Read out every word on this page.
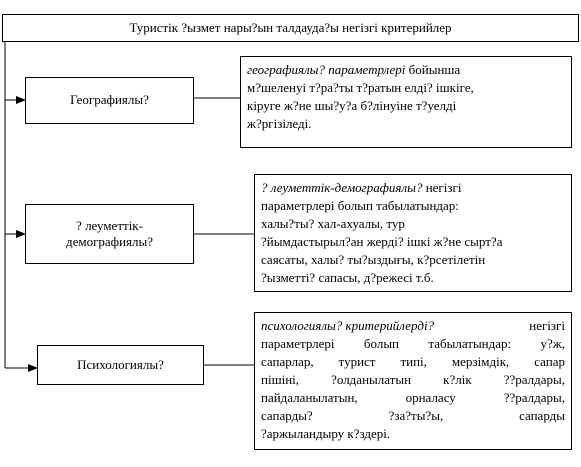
Туристік ?ызмет нары?ын талдауда?ы негізгі критерийлер
Географиялы?
? леуметтік-
демографиялы?
Психологиялы?
географиялы? параметрлері бойынша
м?шеленуі т?ра?ты т?ратын елді? ішкіге,
кіруге ж?не шы?у?а б?лінуіне т?уелді
ж?ргізіледі.
? леуметтік-демографиялы? негізгі
параметрлері болып табылатындар:
халы?ты? хал-ахуалы, тур
?йымдастырыл?ан жерді? ішкі ж?не сырт?а
саясаты, халы? ты?ыздығы, к?рсетілетін
?ызметті? сапасы, д?режесі т.б.
психологиялы? критерийлерді?	негізгі
параметрлері болып табылатындар: у?ж,
сапарлар, турист типі, мерзімдік, сапар
пішіні, ?олданылатын к?лік ??ралдары,
пайдаланылатын, орналасу ??ралдары,
сапарды? ?за?ты?ы, сапарды
?аржыландыру к?здері.
